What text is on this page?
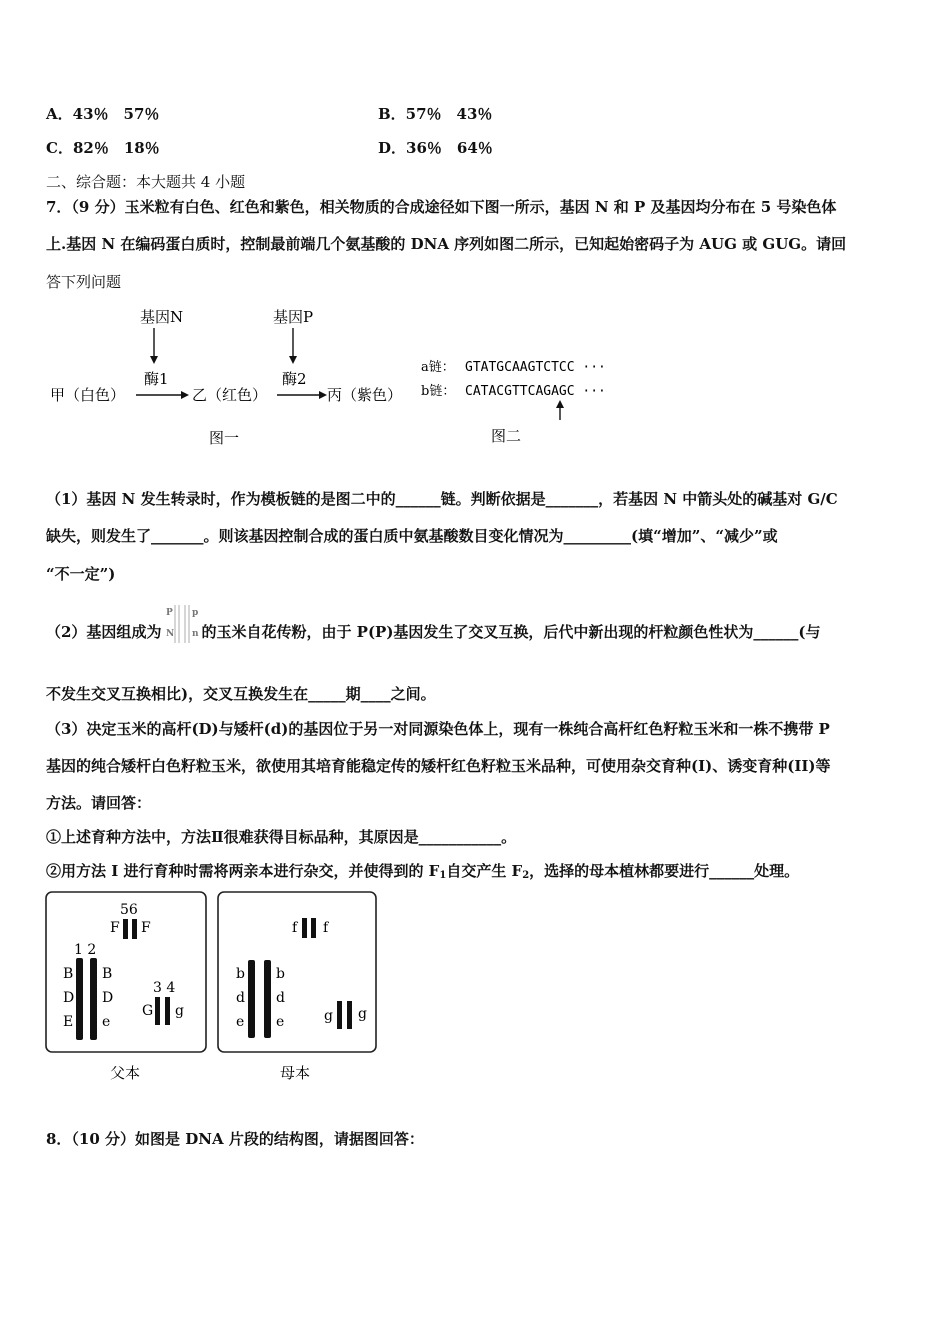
A．43％　57％	B．57％　43％
C．82％　18％	D．36％　64％
二、综合题：本大题共 4 小题
7．（9 分）玉米粒有白色、红色和紫色，相关物质的合成途径如下图一所示，基因 N 和 P 及基因均分布在 5 号染色体
上.基因 N 在编码蛋白质时，控制最前端几个氨基酸的 DNA 序列如图二所示，已知起始密码子为 AUG 或 GUG。请回
答下列问题
基因N	基因P
酶1	酶2
甲（白色）	乙（红色）	丙（紫色）
图一
a链： GTATGCAAGTCTCC ···
b链： CATACGTTCAGAGC ···
图二
（1）基因 N 发生转录时，作为模板链的是图二中的______链。判断依据是_______，若基因 N 中箭头处的碱基对 G/C
缺失，则发生了_______。则该基因控制合成的蛋白质中氨基酸数目变化情况为_________(填“增加”、“减少”或
“不一定”)
（2）基因组成为
P
N
p
n 的玉米自花传粉，由于 P(P)基因发生了交叉互换，后代中新出现的杆粒颜色性状为______(与
不发生交叉互换相比)，交叉互换发生在_____期____之间。
（3）决定玉米的高杆(D)与矮杆(d)的基因位于另一对同源染色体上，现有一株纯合高杆红色籽粒玉米和一株不携带 P
基因的纯合矮杆白色籽粒玉米，欲使用其培育能稳定传的矮杆红色籽粒玉米品种，可使用杂交育种(I)、诱变育种(II)等
方法。请回答：
①上述育种方法中，方法Ⅱ很难获得目标品种，其原因是___________。
②用方法 I 进行育种时需将两亲本进行杂交，并使得到的 $F_1$自交产生 $F_2$，选择的母本植林都要进行______处理。
56
F F
1 2
B
D
E
B
D
e
3 4
G g
父本
f f
b
d
e
b
d
e	g g
母本
8．（10 分）如图是 DNA 片段的结构图，请据图回答：
